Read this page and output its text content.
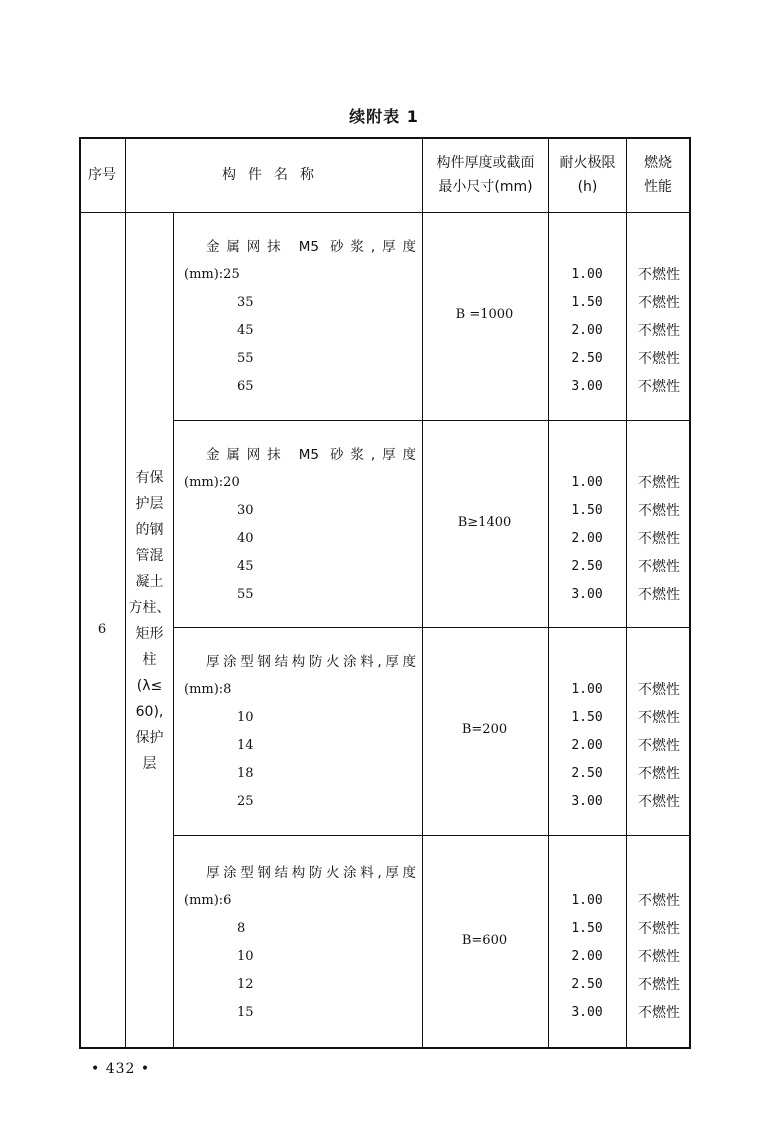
续附表 1
序号	构件名称
构件厚度或截面
最小尺寸(mm)
耐火极限
(h)
燃烧
性能
6
有保
护层
的钢
管混
凝土
方柱、
矩形
柱
(λ≤
60),
保护
层
金属网抹 M5 砂浆,厚度
(mm):25
35
45
55
65
B =1000
1.00
1.50
2.00
2.50
3.00
不燃性
不燃性
不燃性
不燃性
不燃性
金属网抹 M5 砂浆,厚度
(mm):20
30
40
45
55
B≥1400
1.00
1.50
2.00
2.50
3.00
不燃性
不燃性
不燃性
不燃性
不燃性
厚涂型钢结构防火涂料,厚度
(mm):8
10
14
18
25
B=200
1.00
1.50
2.00
2.50
3.00
不燃性
不燃性
不燃性
不燃性
不燃性
厚涂型钢结构防火涂料,厚度
(mm):6
8
10
12
15
B=600
1.00
1.50
2.00
2.50
3.00
不燃性
不燃性
不燃性
不燃性
不燃性
• 432 •
